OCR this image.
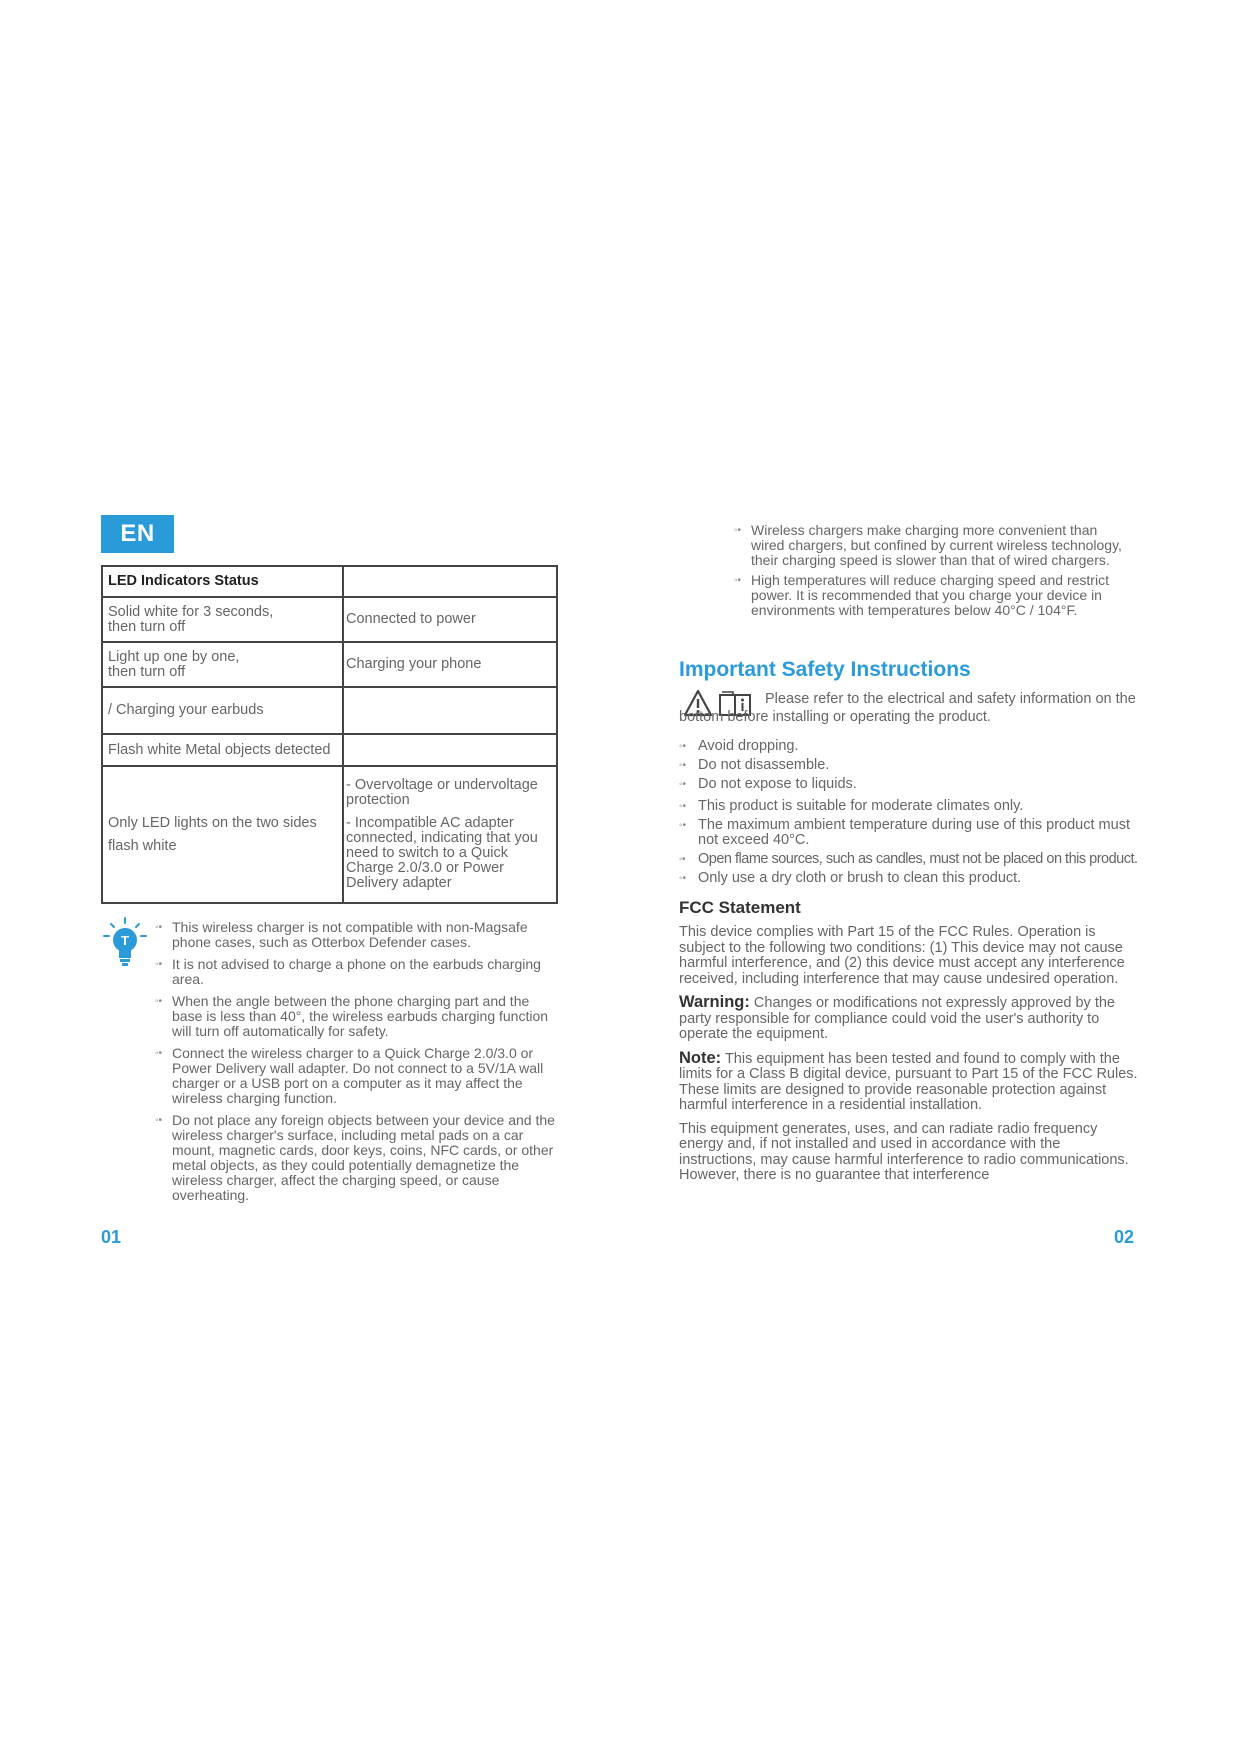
EN
LED Indicators Status	
Solid white for 3 seconds,
then turn off	Connected to power
Light up one by one,
then turn off	Charging your phone
/ Charging your earbuds	
Flash white Metal objects detected	
Only LED lights on the two sides flash white	- Overvoltage or undervoltage protection
- Incompatible AC adapter connected, indicating that you need to switch to a Quick Charge 2.0/3.0 or Power Delivery adapter
T
◦• This wireless charger is not compatible with non-Magsafe phone cases, such as Otterbox Defender cases.
◦• It is not advised to charge a phone on the earbuds charging area.
◦• When the angle between the phone charging part and the base is less than 40°, the wireless earbuds charging function will turn off automatically for safety.
◦• Connect the wireless charger to a Quick Charge 2.0/3.0 or Power Delivery wall adapter. Do not connect to a 5V/1A wall charger or a USB port on a computer as it may affect the wireless charging function.
◦• Do not place any foreign objects between your device and the wireless charger's surface, including metal pads on a car mount, magnetic cards, door keys, coins, NFC cards, or other metal objects, as they could potentially demagnetize the wireless charger, affect the charging speed, or cause overheating.
01
◦• Wireless chargers make charging more convenient than wired chargers, but confined by current wireless technology, their charging speed is slower than that of wired chargers.
◦• High temperatures will reduce charging speed and restrict power. It is recommended that you charge your device in environments with temperatures below 40°C / 104°F.
Important Safety Instructions
Please refer to the electrical and safety information on the bottom before installing or operating the product.
◦• Avoid dropping.
◦• Do not disassemble.
◦• Do not expose to liquids.
◦• This product is suitable for moderate climates only.
◦• The maximum ambient temperature during use of this product must not exceed 40°C.
◦• Open flame sources, such as candles, must not be placed on this product.
◦• Only use a dry cloth or brush to clean this product.
FCC Statement

This device complies with Part 15 of the FCC Rules. Operation is subject to the following two conditions: (1) This device may not cause harmful interference, and (2) this device must accept any interference received, including interference that may cause undesired operation.

Warning: Changes or modifications not expressly approved by the party responsible for compliance could void the user's authority to operate the equipment.

Note: This equipment has been tested and found to comply with the limits for a Class B digital device, pursuant to Part 15 of the FCC Rules. These limits are designed to provide reasonable protection against harmful interference in a residential installation.

This equipment generates, uses, and can radiate radio frequency energy and, if not installed and used in accordance with the instructions, may cause harmful interference to radio communications. However, there is no guarantee that interference

02
